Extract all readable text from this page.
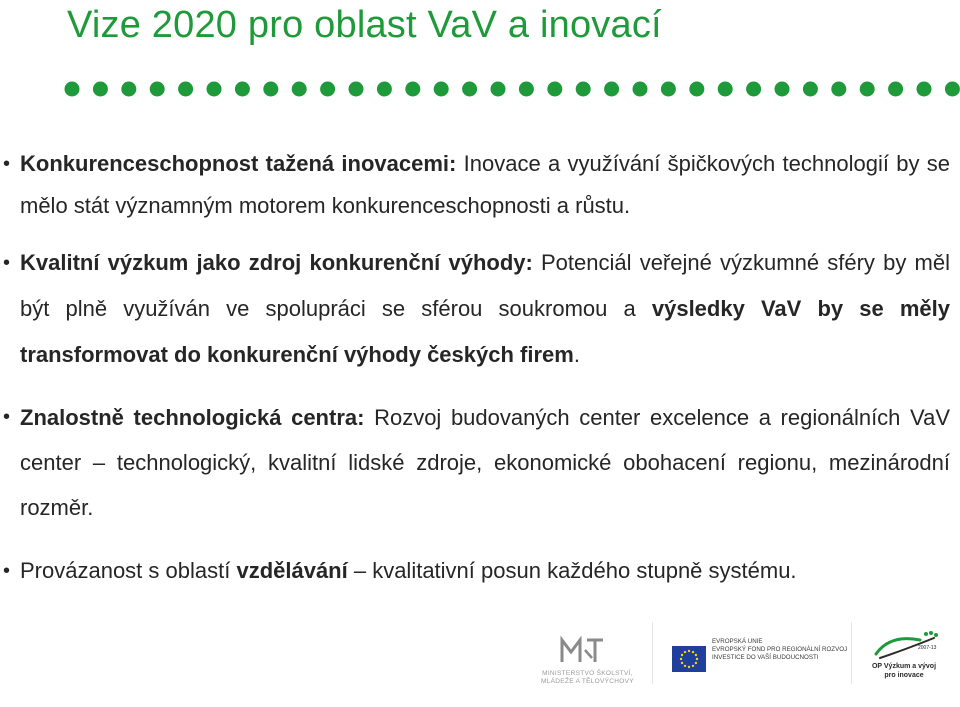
Vize 2020 pro oblast VaV a inovací
• Konkurenceschopnost tažená inovacemi: Inovace a využívání špičkových technologií by se mělo stát významným motorem konkurenceschopnosti a růstu.
• Kvalitní výzkum jako zdroj konkurenční výhody: Potenciál veřejné výzkumné sféry by měl být plně využíván ve spolupráci se sférou soukromou a výsledky VaV by se měly transformovat do konkurenční výhody českých firem.
• Znalostně technologická centra: Rozvoj budovaných center excelence a regionálních VaV center – technologický, kvalitní lidské zdroje, ekonomické obohacení regionu, mezinárodní rozměr.
• Provázanost s oblastí vzdělávání – kvalitativní posun každého stupně systému.
MINISTERSTVO ŠKOLSTVÍ,
MLÁDEŽE A TĚLOVÝCHOVY
EVROPSKÁ UNIE
EVROPSKÝ FOND PRO REGIONÁLNÍ ROZVOJ
INVESTICE DO VAŠÍ BUDOUCNOSTI
2007-13
OP Výzkum a vývoj
pro inovace
